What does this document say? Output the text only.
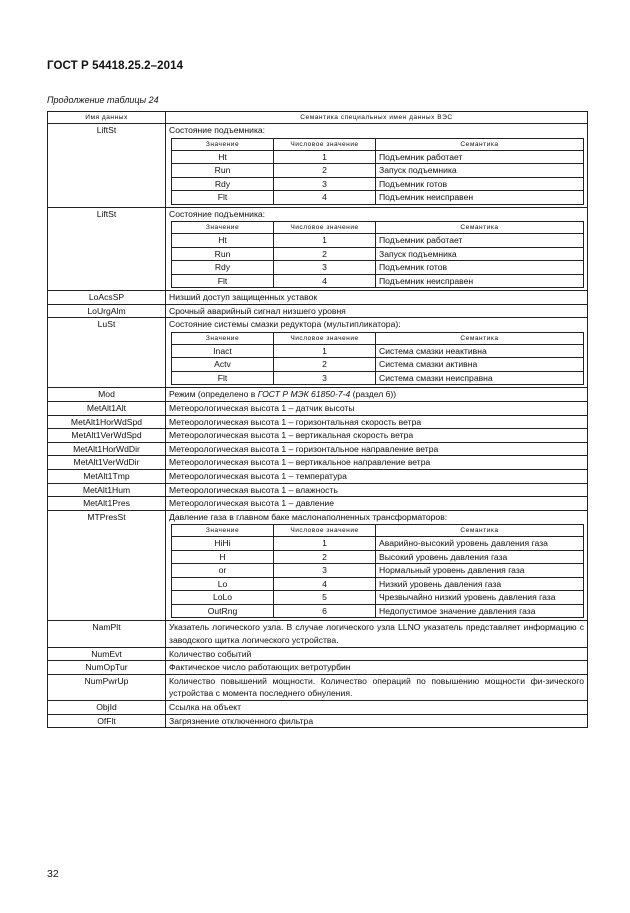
ГОСТ Р 54418.25.2–2014
Продолжение таблицы 24
Имя данных	Семантика специальных имен данных ВЭС
LiftSt	Состояние подъемника:
Значение	Числовое значение	Семантика
Ht	1	Подъемник работает
Run	2	Запуск подъемника
Rdy	3	Подъемник готов
Flt	4	Подъемник неисправен

LiftSt	Состояние подъемника:
Значение	Числовое значение	Семантика
Ht	1	Подъемник работает
Run	2	Запуск подъемника
Rdy	3	Подъемник готов
Flt	4	Подъемник неисправен

LoAcsSP	Низший доступ защищенных уставок

LoUrgAlm	Срочный аварийный сигнал низшего уровня

LuSt	Состояние системы смазки редуктора (мультипликатора):
Значение	Числовое значение	Семантика
Inact	1	Система смазки неактивна
Actv	2	Система смазки активна
Flt	3	Система смазки неисправна

Mod	Режим (определено в ГОСТ Р МЭК 61850-7-4 (раздел 6))

MetAlt1Alt	Метеорологическая высота 1 – датчик высоты

MetAlt1HorWdSpd	Метеорологическая высота 1 – горизонтальная скорость ветра

MetAlt1VerWdSpd	Метеорологическая высота 1 – вертикальная скорость ветра

MetAlt1HorWdDir	Метеорологическая высота 1 – горизонтальное направление ветра

MetAlt1VerWdDir	Метеорологическая высота 1 – вертикальное направление ветра

MetAlt1Tmp	Метеорологическая высота 1 – температура

MetAlt1Hum	Метеорологическая высота 1 – влажность

MetAlt1Pres	Метеорологическая высота 1 – давление

MTPresSt	Давление газа в главном баке маслонаполненных трансформаторов:
Значение	Числовое значение	Семантика
HiHi	1	Аварийно-высокий уровень давления газа
H	2	Высокий уровень давления газа
or	3	Нормальный уровень давления газа
Lo	4	Низкий уровень давления газа
LoLo	5	Чрезвычайно низкий уровень давления газа
OutRng	6	Недопустимое значение давления газа

NamPlt	Указатель логического узла. В случае логического узла LLNO указатель представляет информацию с заводского щитка логического устройства.

NumEvt	Количество событий

NumOpTur	Фактическое число работающих ветротурбин

NumPwrUp	Количество повышений мощности. Количество операций по повышению мощности фи-зического устройства с момента последнего обнуления.

ObjId	Ссылка на объект

OfFlt	Загрязнение отключенного фильтра
32
